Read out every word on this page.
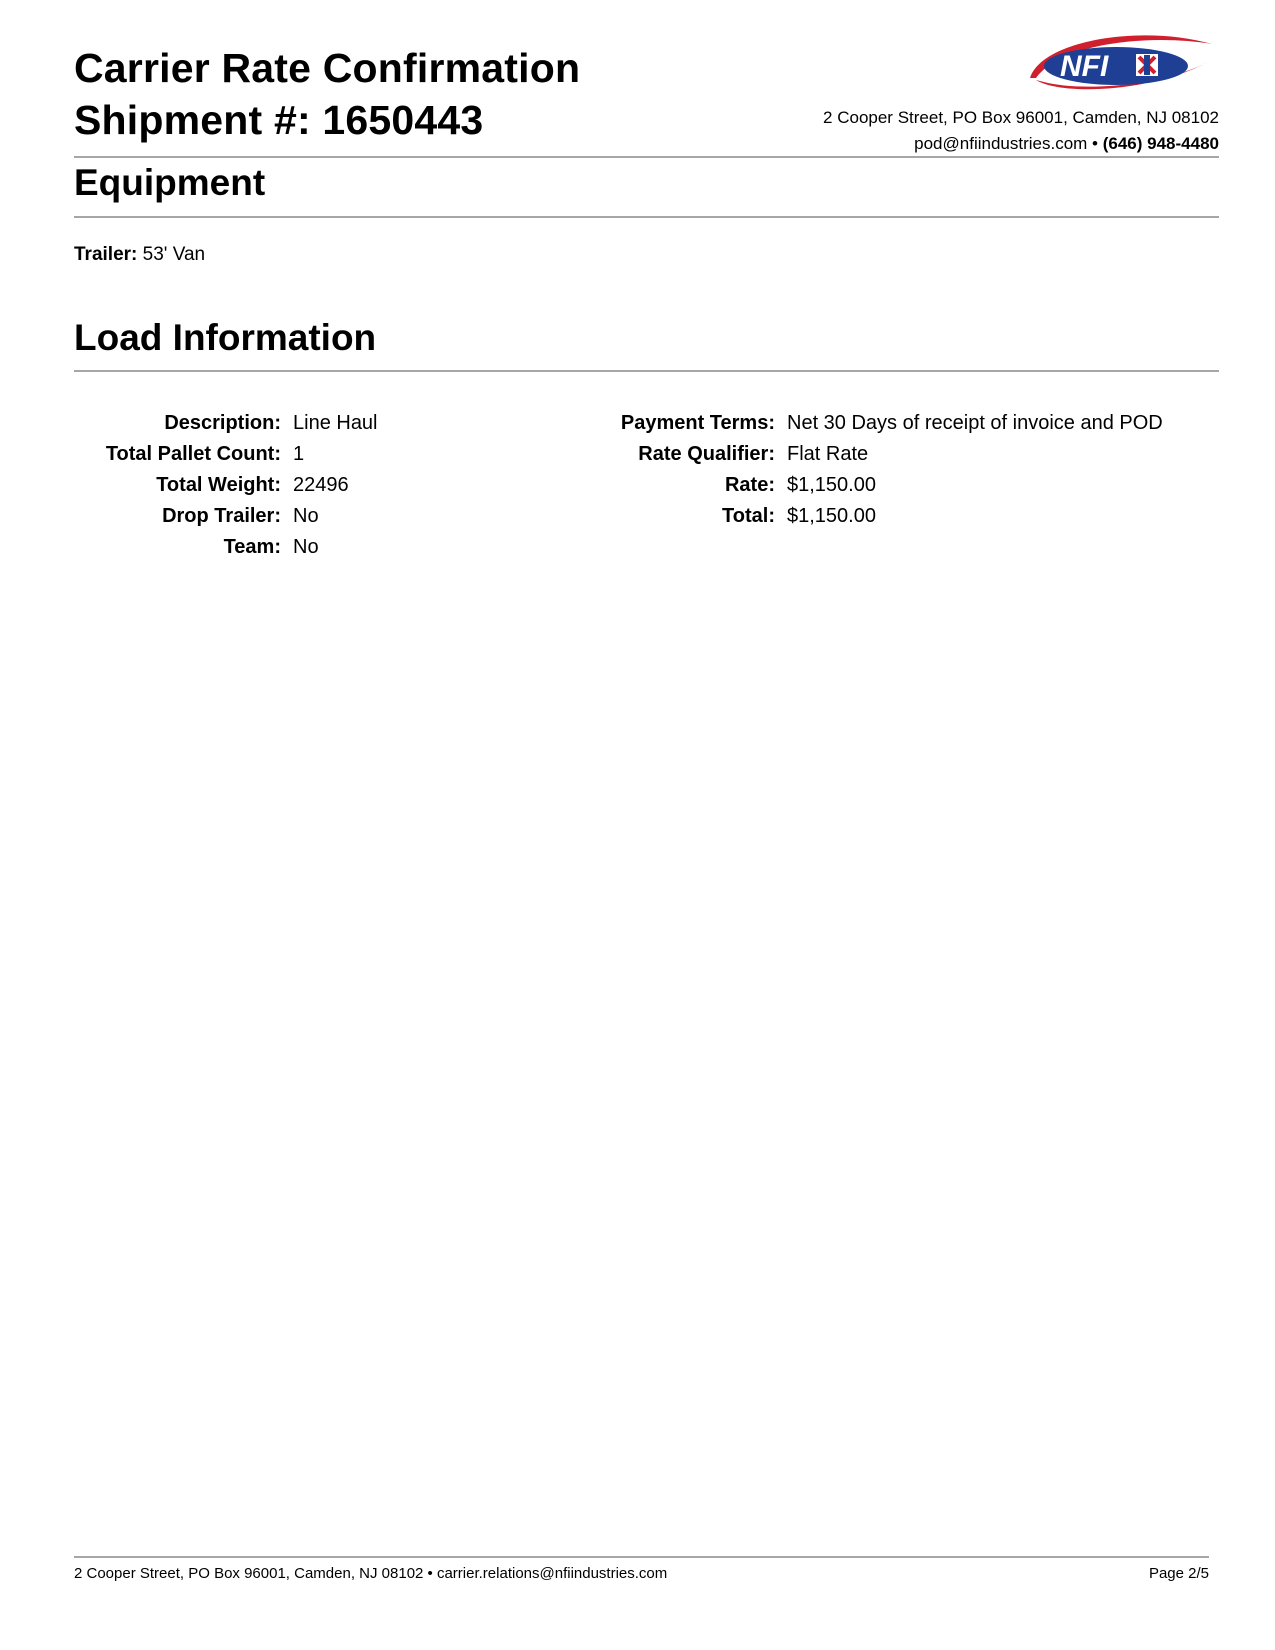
Carrier Rate Confirmation
Shipment #: 1650443
NFI
2 Cooper Street, PO Box 96001, Camden, NJ 08102
pod@nfiindustries.com • (646) 948-4480
Equipment
Trailer: 53' Van
Load Information
Description: Line Haul
Total Pallet Count: 1
Total Weight: 22496
Drop Trailer: No
Team: No
Payment Terms: Net 30 Days of receipt of invoice and POD
Rate Qualifier: Flat Rate
Rate: $1,150.00
Total: $1,150.00
2 Cooper Street, PO Box 96001, Camden, NJ 08102 • carrier.relations@nfiindustries.com	Page 2/5
